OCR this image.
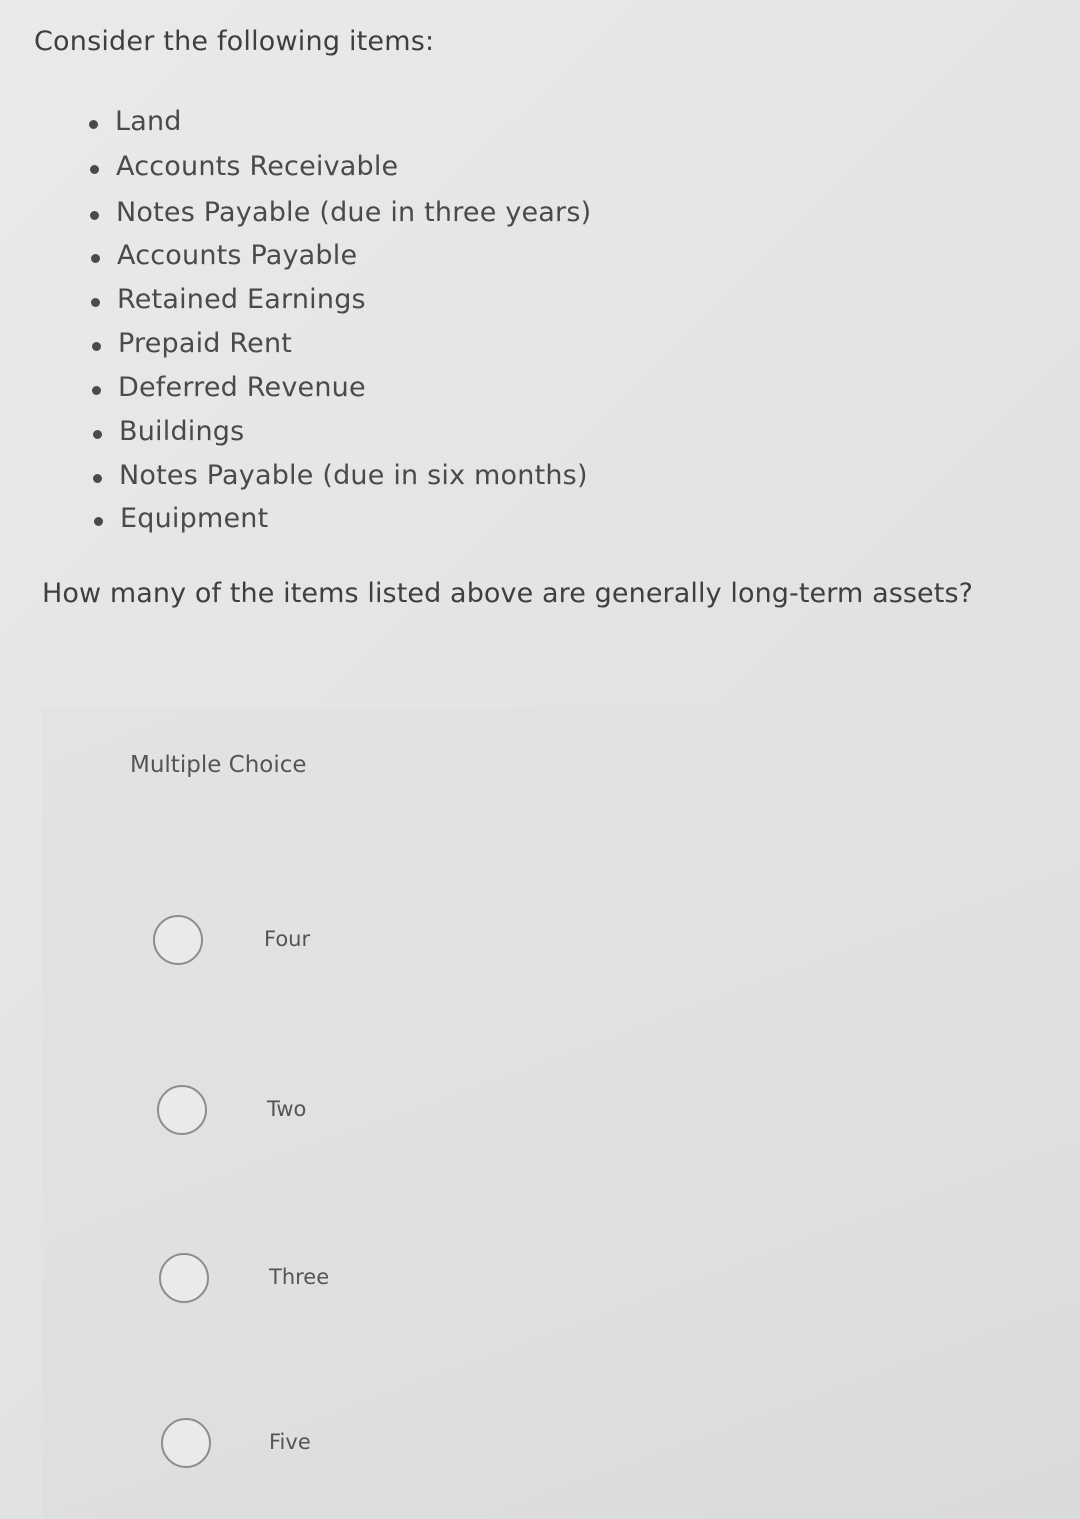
Consider the following items:
Land
Accounts Receivable
Notes Payable (due in three years)
Accounts Payable
Retained Earnings
Prepaid Rent
Deferred Revenue
Buildings
Notes Payable (due in six months)
Equipment
How many of the items listed above are generally long-term assets?
Multiple Choice
Four
Two
Three
Five
